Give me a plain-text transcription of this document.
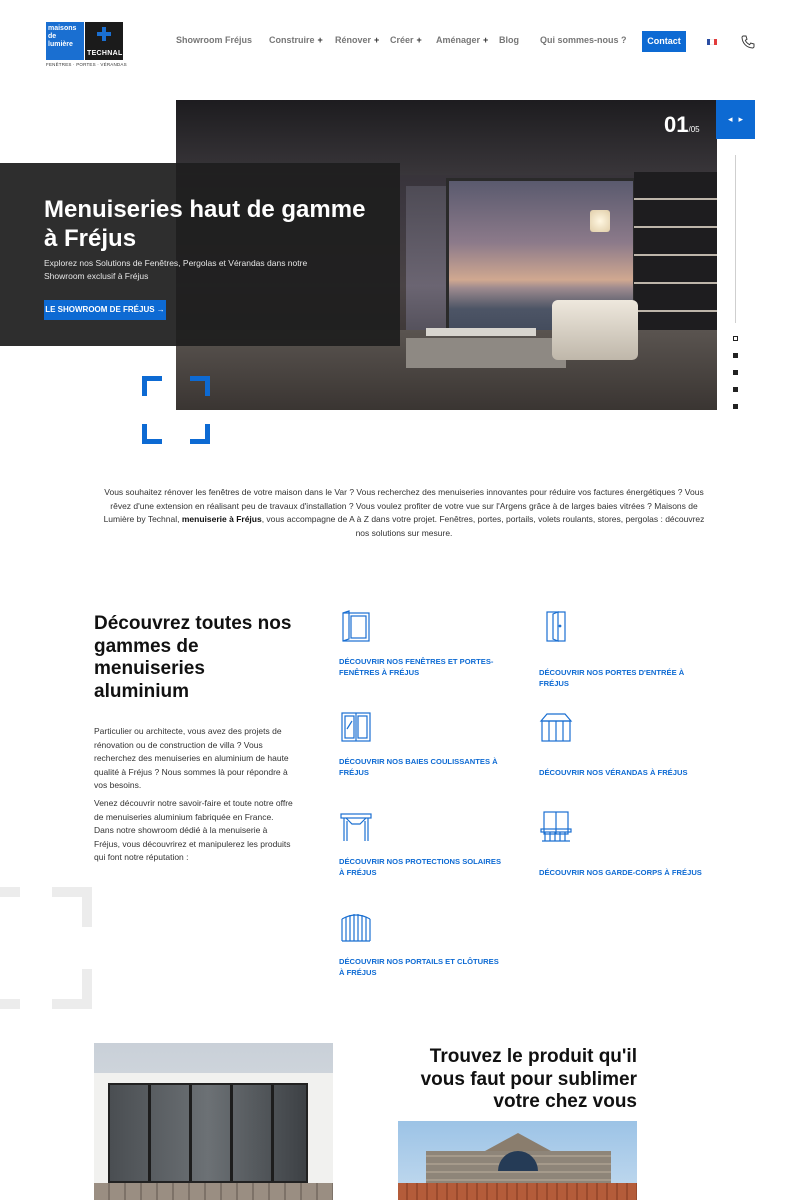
maisons de lumière
TECHNAL
FENÊTRES · PORTES · VÉRANDAS
Showroom Fréjus Construire + Rénover + Créer + Aménager + Blog Qui sommes-nous ?	Contact
Menuiseries haut de gamme à Fréjus

Explorez nos Solutions de Fenêtres, Pergolas et Vérandas dans notre Showroom exclusif à Fréjus

LE SHOWROOM DE FRÉJUS →
◂ ▸
01/05

Vous souhaitez rénover les fenêtres de votre maison dans le Var ? Vous recherchez des menuiseries innovantes pour réduire vos factures énergétiques ? Vous rêvez d'une extension en réalisant peu de travaux d'installation ? Vous voulez profiter de votre vue sur l'Argens grâce à de larges baies vitrées ? Maisons de Lumière by Technal, menuiserie à Fréjus, vous accompagne de A à Z dans votre projet. Fenêtres, portes, portails, volets roulants, stores, pergolas : découvrez nos solutions sur mesure.

Découvrez toutes nos gammes de menuiseries aluminium

Particulier ou architecte, vous avez des projets de rénovation ou de construction de villa ? Vous recherchez des menuiseries en aluminium de haute qualité à Fréjus ? Nous sommes là pour répondre à vos besoins.

Venez découvrir notre savoir-faire et toute notre offre de menuiseries aluminium fabriquée en France. Dans notre showroom dédié à la menuiserie à Fréjus, vous découvrirez et manipulerez les produits qui font notre réputation :

DÉCOUVRIR NOS FENÊTRES ET PORTES-FENÊTRES À FRÉJUS	DÉCOUVRIR NOS PORTES D'ENTRÉE À FRÉJUS
DÉCOUVRIR NOS BAIES COULISSANTES À FRÉJUS	DÉCOUVRIR NOS VÉRANDAS À FRÉJUS
DÉCOUVRIR NOS PROTECTIONS SOLAIRES À FRÉJUS	DÉCOUVRIR NOS GARDE-CORPS À FRÉJUS
DÉCOUVRIR NOS PORTAILS ET CLÔTURES À FRÉJUS
Trouvez le produit qu'il vous faut pour sublimer votre chez vous
